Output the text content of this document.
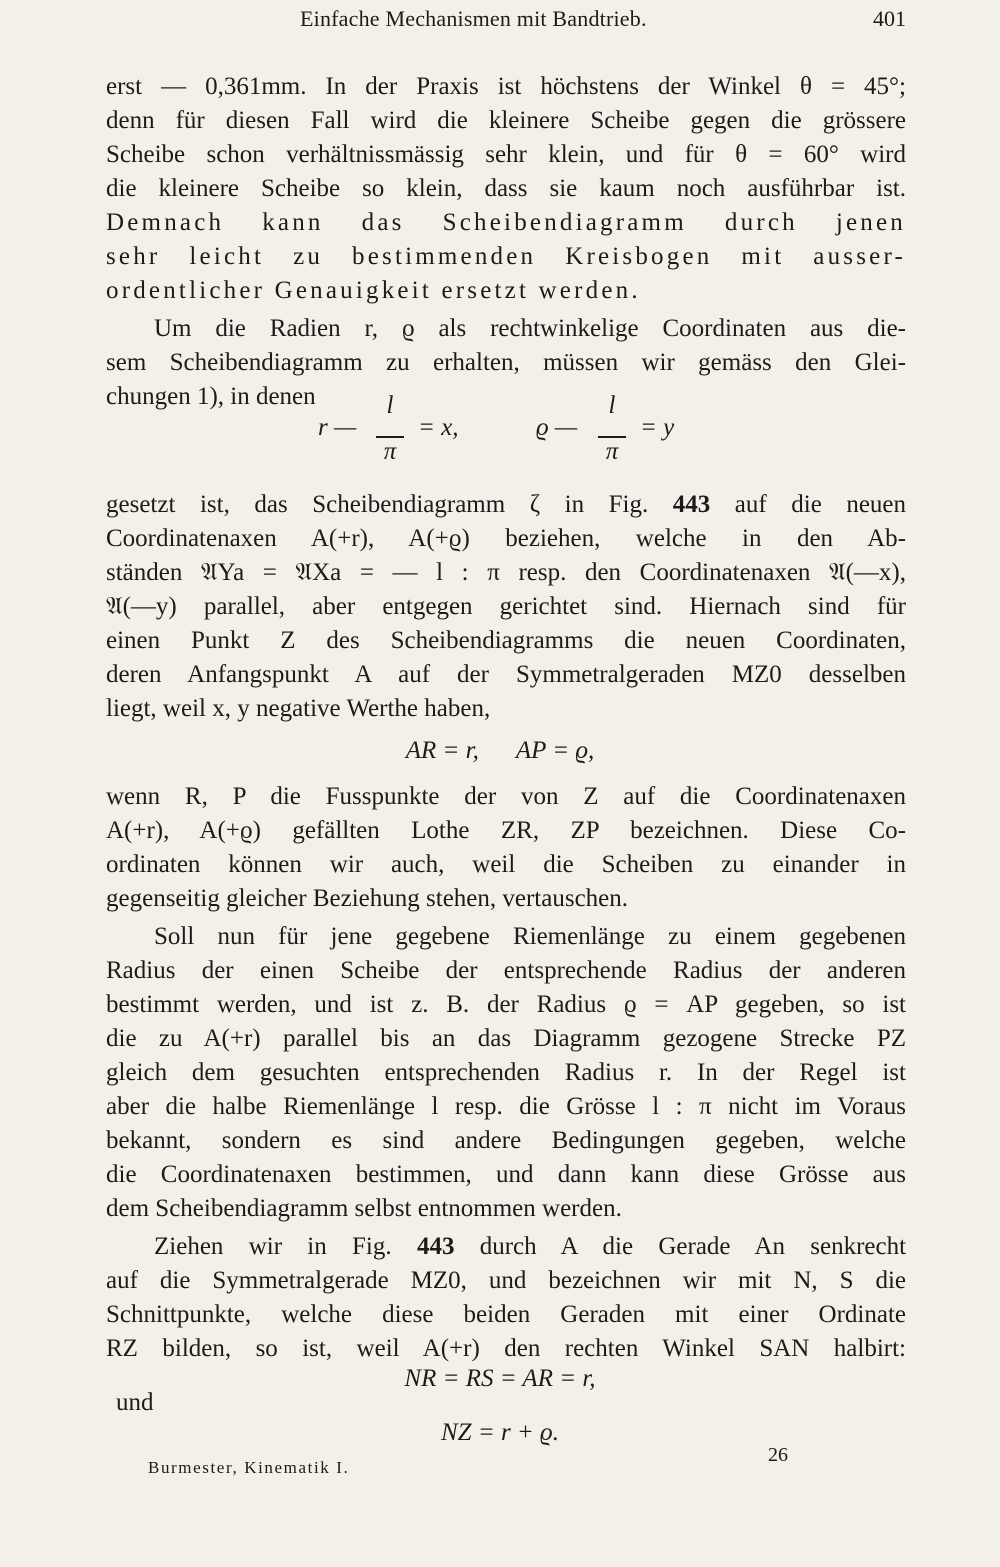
Einfache Mechanismen mit Bandtrieb.	401
erst — 0,361mm. In der Praxis ist höchstens der Winkel θ = 45°;
denn für diesen Fall wird die kleinere Scheibe gegen die grössere
Scheibe schon verhältnissmässig sehr klein, und für θ = 60° wird
die kleinere Scheibe so klein, dass sie kaum noch ausführbar ist.
Demnach kann das Scheibendiagramm durch jenen
sehr leicht zu bestimmenden Kreisbogen mit ausser-
ordentlicher Genauigkeit ersetzt werden.
Um die Radien r, ϱ als rechtwinkelige Coordinaten aus die-
sem Scheibendiagramm zu erhalten, müssen wir gemäss den Glei-
chungen 1), in denen
r —
l
π
= x,	ϱ —
l
π
= y
gesetzt ist, das Scheibendiagramm ζ in Fig. 443 auf die neuen
Coordinatenaxen A(+r), A(+ϱ) beziehen, welche in den Ab-
ständen 𝔄Ya = 𝔄Xa = — l : π resp. den Coordinatenaxen 𝔄(—x),
𝔄(—y) parallel, aber entgegen gerichtet sind. Hiernach sind für
einen Punkt Z des Scheibendiagramms die neuen Coordinaten,
deren Anfangspunkt A auf der Symmetralgeraden MZ0 desselben
liegt, weil x, y negative Werthe haben,
AR = r,      AP = ϱ,
wenn R, P die Fusspunkte der von Z auf die Coordinatenaxen
A(+r), A(+ϱ) gefällten Lothe ZR, ZP bezeichnen. Diese Co-
ordinaten können wir auch, weil die Scheiben zu einander in
gegenseitig gleicher Beziehung stehen, vertauschen.
Soll nun für jene gegebene Riemenlänge zu einem gegebenen
Radius der einen Scheibe der entsprechende Radius der anderen
bestimmt werden, und ist z. B. der Radius ϱ = AP gegeben, so ist
die zu A(+r) parallel bis an das Diagramm gezogene Strecke PZ
gleich dem gesuchten entsprechenden Radius r. In der Regel ist
aber die halbe Riemenlänge l resp. die Grösse l : π nicht im Voraus
bekannt, sondern es sind andere Bedingungen gegeben, welche
die Coordinatenaxen bestimmen, und dann kann diese Grösse aus
dem Scheibendiagramm selbst entnommen werden.
Ziehen wir in Fig. 443 durch A die Gerade An senkrecht
auf die Symmetralgerade MZ0, und bezeichnen wir mit N, S die
Schnittpunkte, welche diese beiden Geraden mit einer Ordinate
RZ bilden, so ist, weil A(+r) den rechten Winkel SAN halbirt:
NR = RS = AR = r,
und
NZ = r + ϱ.
Burmester, Kinematik I.
26
